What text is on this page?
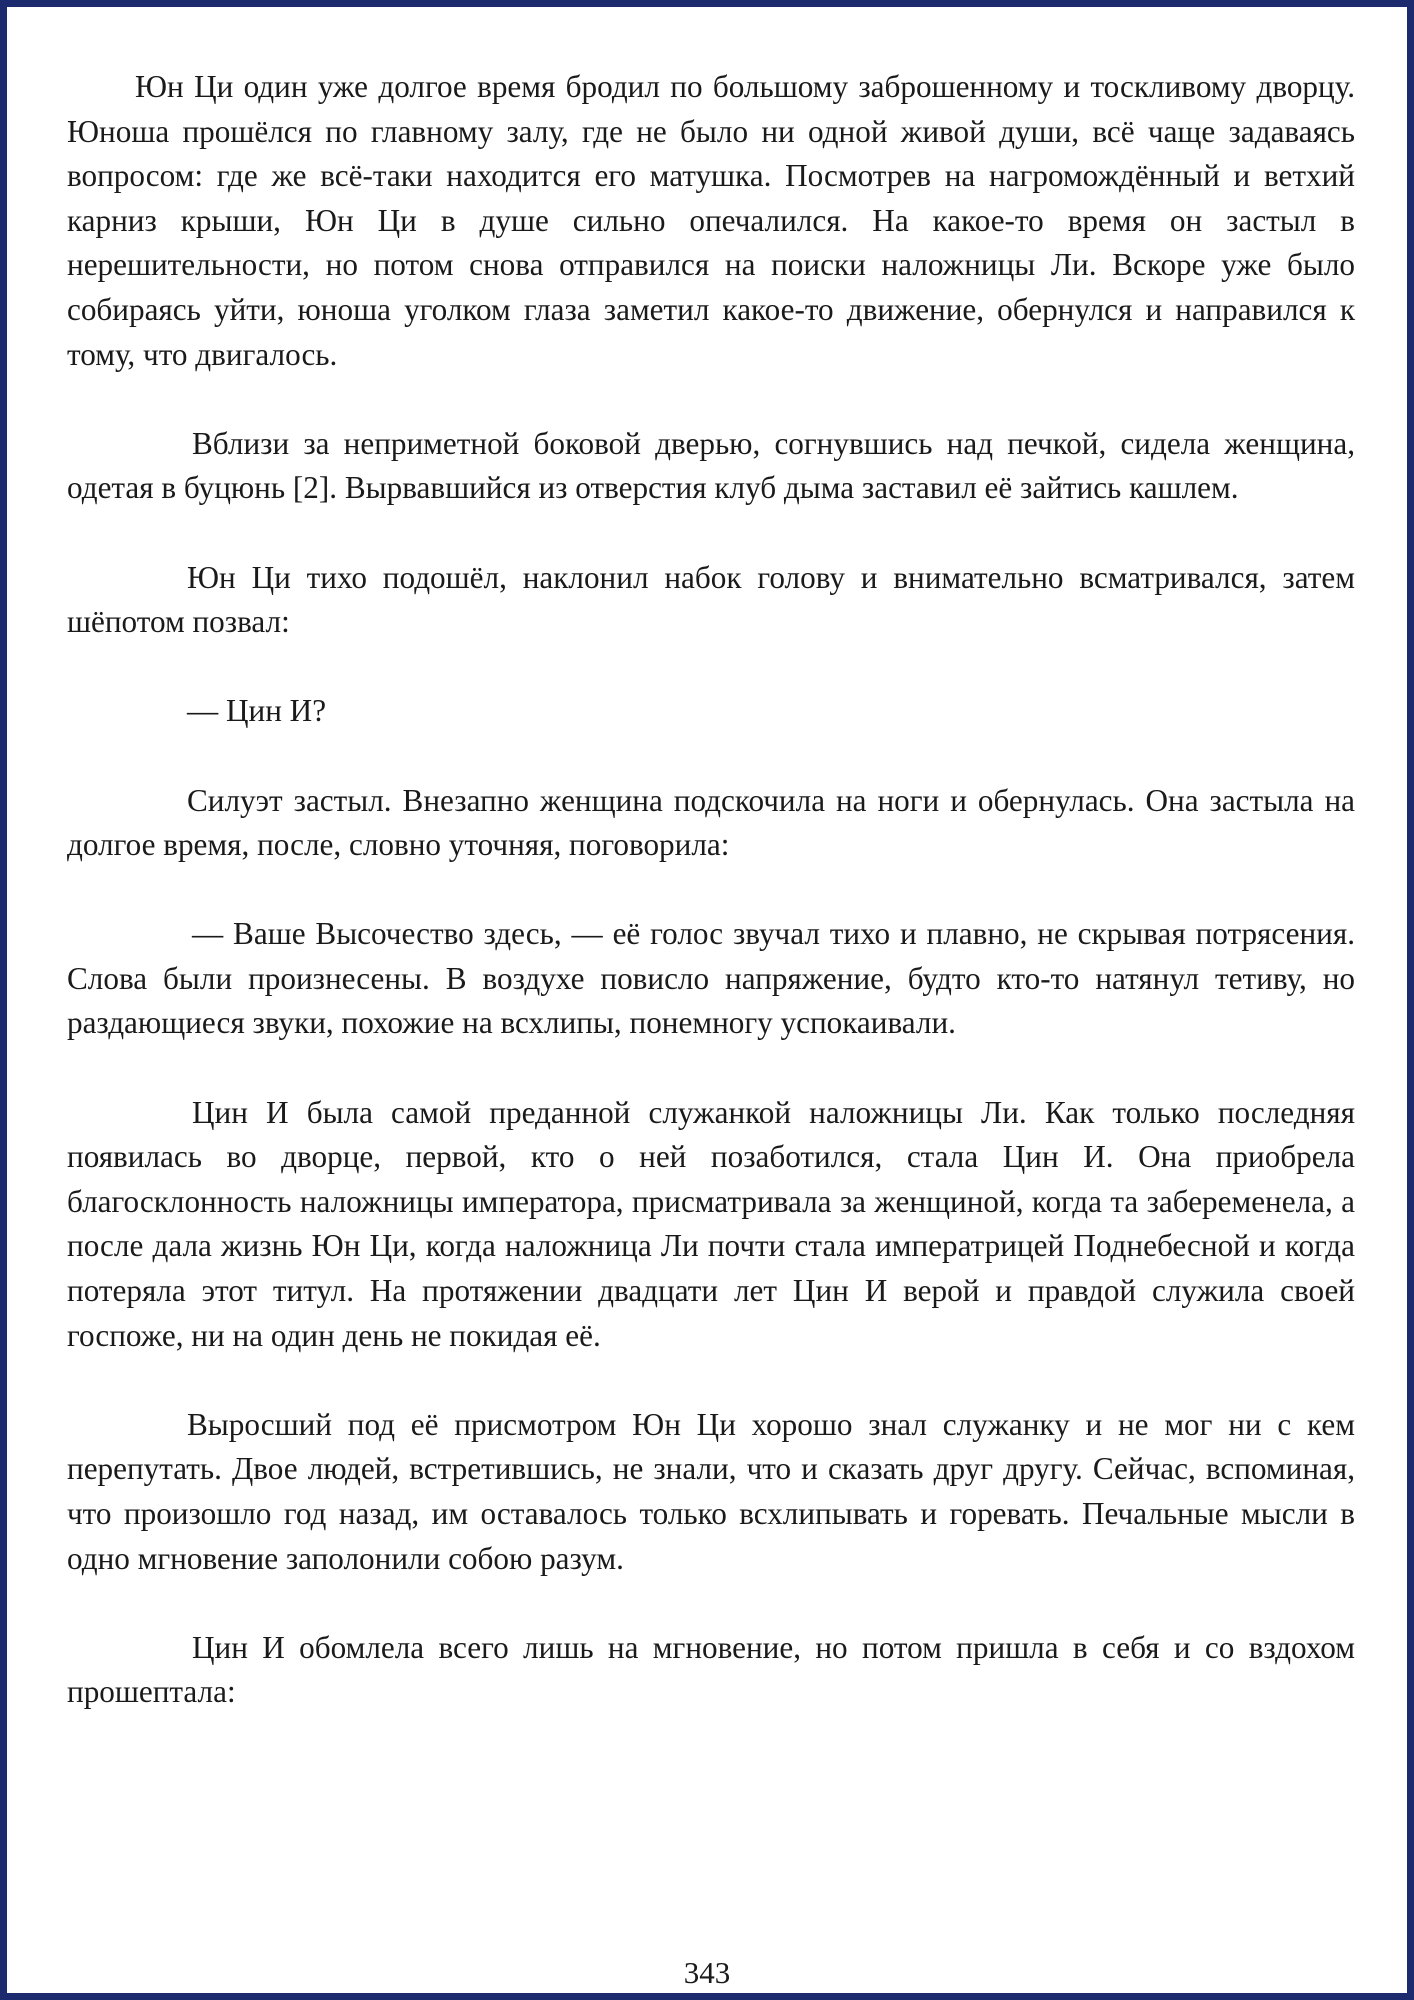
Юн Ци один уже долгое время бродил по большому заброшенному и тоскливому дворцу. Юноша прошёлся по главному залу, где не было ни одной живой души, всё чаще задаваясь вопросом: где же всё-таки находится его матушка. Посмотрев на нагромождённый и ветхий карниз крыши, Юн Ци в душе сильно опечалился. На какое-то время он застыл в нерешительности, но потом снова отправился на поиски наложницы Ли. Вскоре уже было собираясь уйти, юноша уголком глаза заметил какое-то движение, обернулся и направился к тому, что двигалось.

Вблизи за неприметной боковой дверью, согнувшись над печкой, сидела женщина, одетая в буцюнь [2]. Вырвавшийся из отверстия клуб дыма заставил её зайтись кашлем.

Юн Ци тихо подошёл, наклонил набок голову и внимательно всматривался, затем шёпотом позвал:

— Цин И?

Силуэт застыл. Внезапно женщина подскочила на ноги и обернулась. Она застыла на долгое время, после, словно уточняя, поговорила:

— Ваше Высочество здесь, — её голос звучал тихо и плавно, не скрывая потрясения. Слова были произнесены. В воздухе повисло напряжение, будто кто-то натянул тетиву, но раздающиеся звуки, похожие на всхлипы, понемногу успокаивали.

Цин И была самой преданной служанкой наложницы Ли. Как только последняя появилась во дворце, первой, кто о ней позаботился, стала Цин И. Она приобрела благосклонность наложницы императора, присматривала за женщиной, когда та забеременела, а после дала жизнь Юн Ци, когда наложница Ли почти стала императрицей Поднебесной и когда потеряла этот титул. На протяжении двадцати лет Цин И верой и правдой служила своей госпоже, ни на один день не покидая её.

Выросший под её присмотром Юн Ци хорошо знал служанку и не мог ни с кем перепутать. Двое людей, встретившись, не знали, что и сказать друг другу. Сейчас, вспоминая, что произошло год назад, им оставалось только всхлипывать и горевать. Печальные мысли в одно мгновение заполонили собою разум.

Цин И обомлела всего лишь на мгновение, но потом пришла в себя и со вздохом прошептала:

343
